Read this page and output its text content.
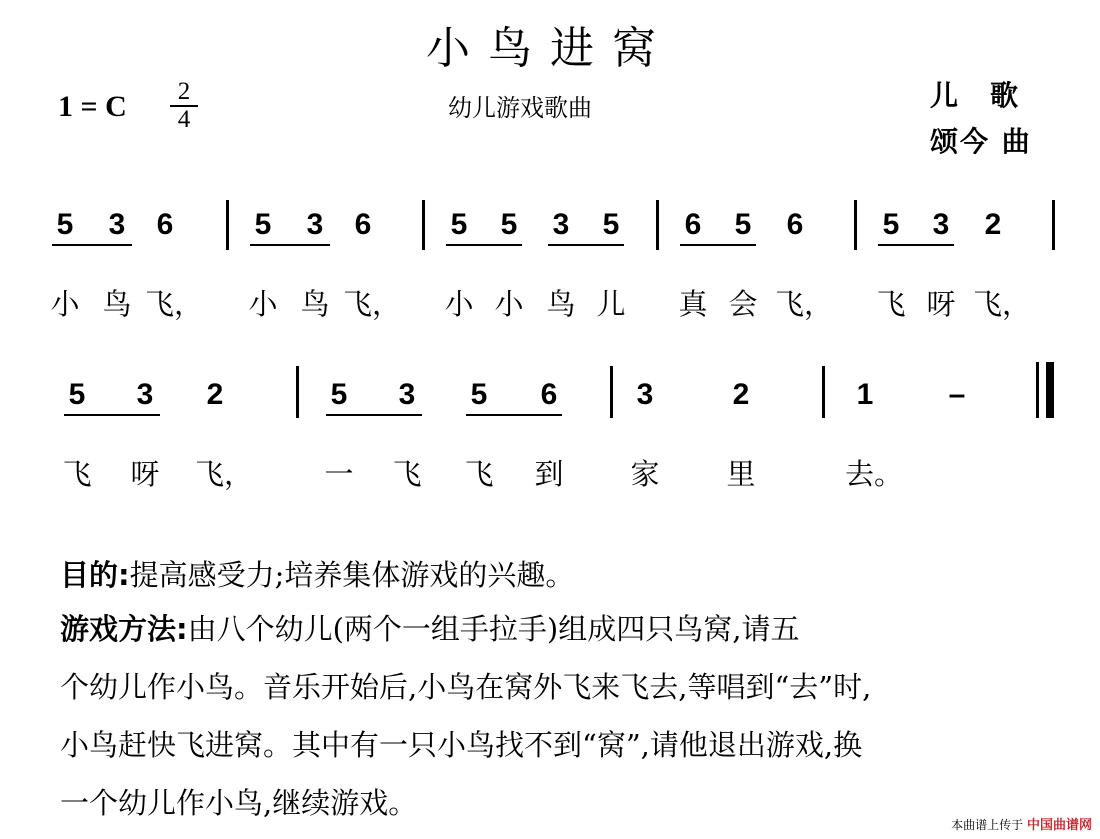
小鸟进窝
1 = C	2
4	幼儿游戏歌曲	儿　歌
颂今 曲
5 3 6	5 3 6	5 5 3 5 6 5 6	5 3 2
小 鸟 飞， 小 鸟 飞， 小 小 鸟 儿 真 会 飞， 飞 呀 飞，
5 3 2	5 3 5 6	3	2	1	–
飞 呀 飞， 一 飞 飞 到 家 里	去。
目的:提高感受力;培养集体游戏的兴趣。
游戏方法:由八个幼儿(两个一组手拉手)组成四只鸟窝,请五
个幼儿作小鸟。音乐开始后,小鸟在窝外飞来飞去,等唱到“去”时,
小鸟赶快飞进窝。其中有一只小鸟找不到“窝”,请他退出游戏,换
一个幼儿作小鸟,继续游戏。
本曲谱上传于 中国曲谱网
